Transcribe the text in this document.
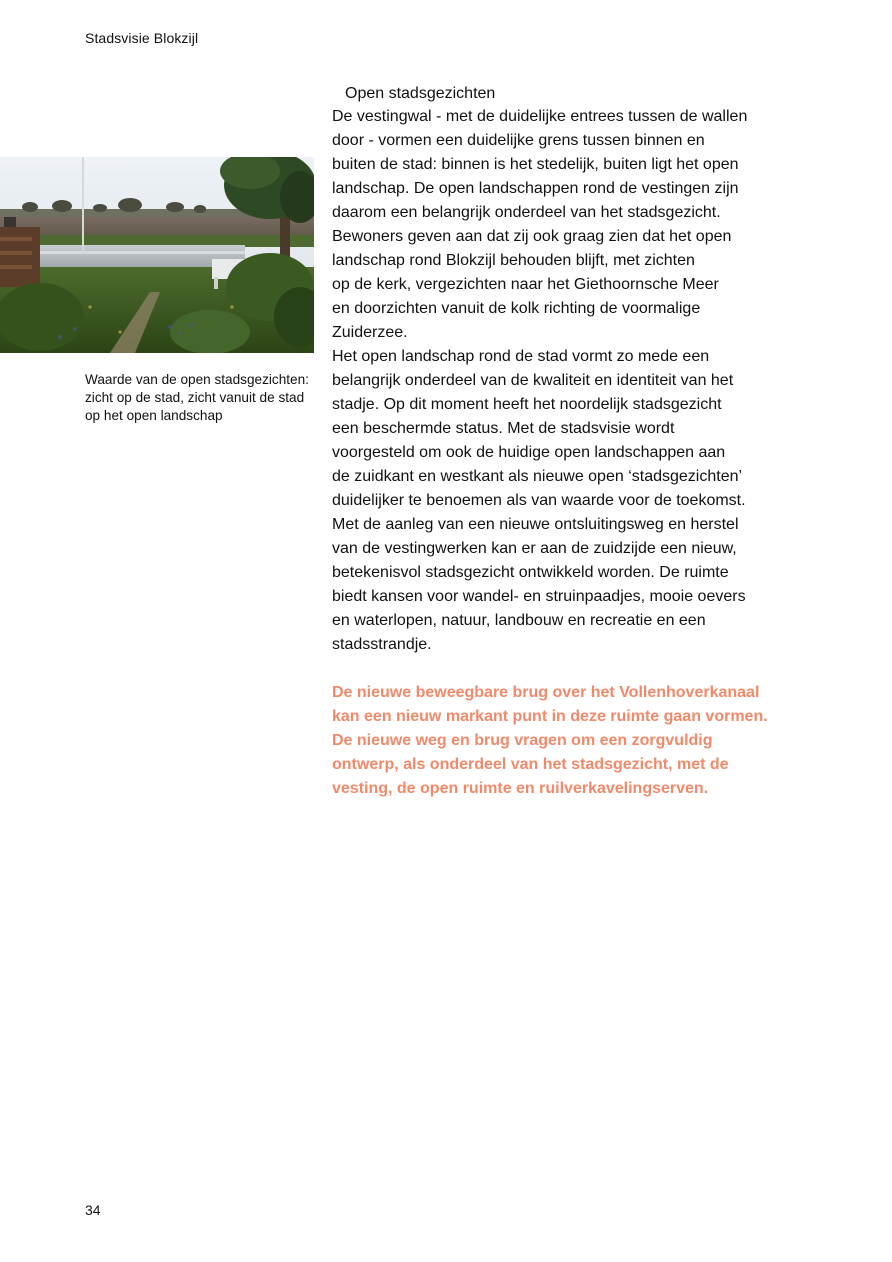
Stadsvisie Blokzijl

Waarde van de open stadsgezichten: zicht op de stad, zicht vanuit de stad op het open landschap

Open stadsgezichten

De vestingwal - met de duidelijke entrees tussen de wallen
door - vormen een duidelijke grens tussen binnen en
buiten de stad: binnen is het stedelijk, buiten ligt het open
landschap. De open landschappen rond de vestingen zijn
daarom een belangrijk onderdeel van het stadsgezicht.
Bewoners geven aan dat zij ook graag zien dat het open
landschap rond Blokzijl behouden blijft, met zichten
op de kerk, vergezichten naar het Giethoornsche Meer
en doorzichten vanuit de kolk richting de voormalige
Zuiderzee.
Het open landschap rond de stad vormt zo mede een
belangrijk onderdeel van de kwaliteit en identiteit van het
stadje. Op dit moment heeft het noordelijk stadsgezicht
een beschermde status. Met de stadsvisie wordt
voorgesteld om ook de huidige open landschappen aan
de zuidkant en westkant als nieuwe open ‘stadsgezichten’
duidelijker te benoemen als van waarde voor de toekomst.
Met de aanleg van een nieuwe ontsluitingsweg en herstel
van de vestingwerken kan er aan de zuidzijde een nieuw,
betekenisvol stadsgezicht ontwikkeld worden. De ruimte
biedt kansen voor wandel- en struinpaadjes, mooie oevers
en waterlopen, natuur, landbouw en recreatie en een
stadsstrandje.

De nieuwe beweegbare brug over het Vollenhoverkanaal
kan een nieuw markant punt in deze ruimte gaan vormen.
De nieuwe weg en brug vragen om een zorgvuldig
ontwerp, als onderdeel van het stadsgezicht, met de
vesting, de open ruimte en ruilverkavelingserven.

34
